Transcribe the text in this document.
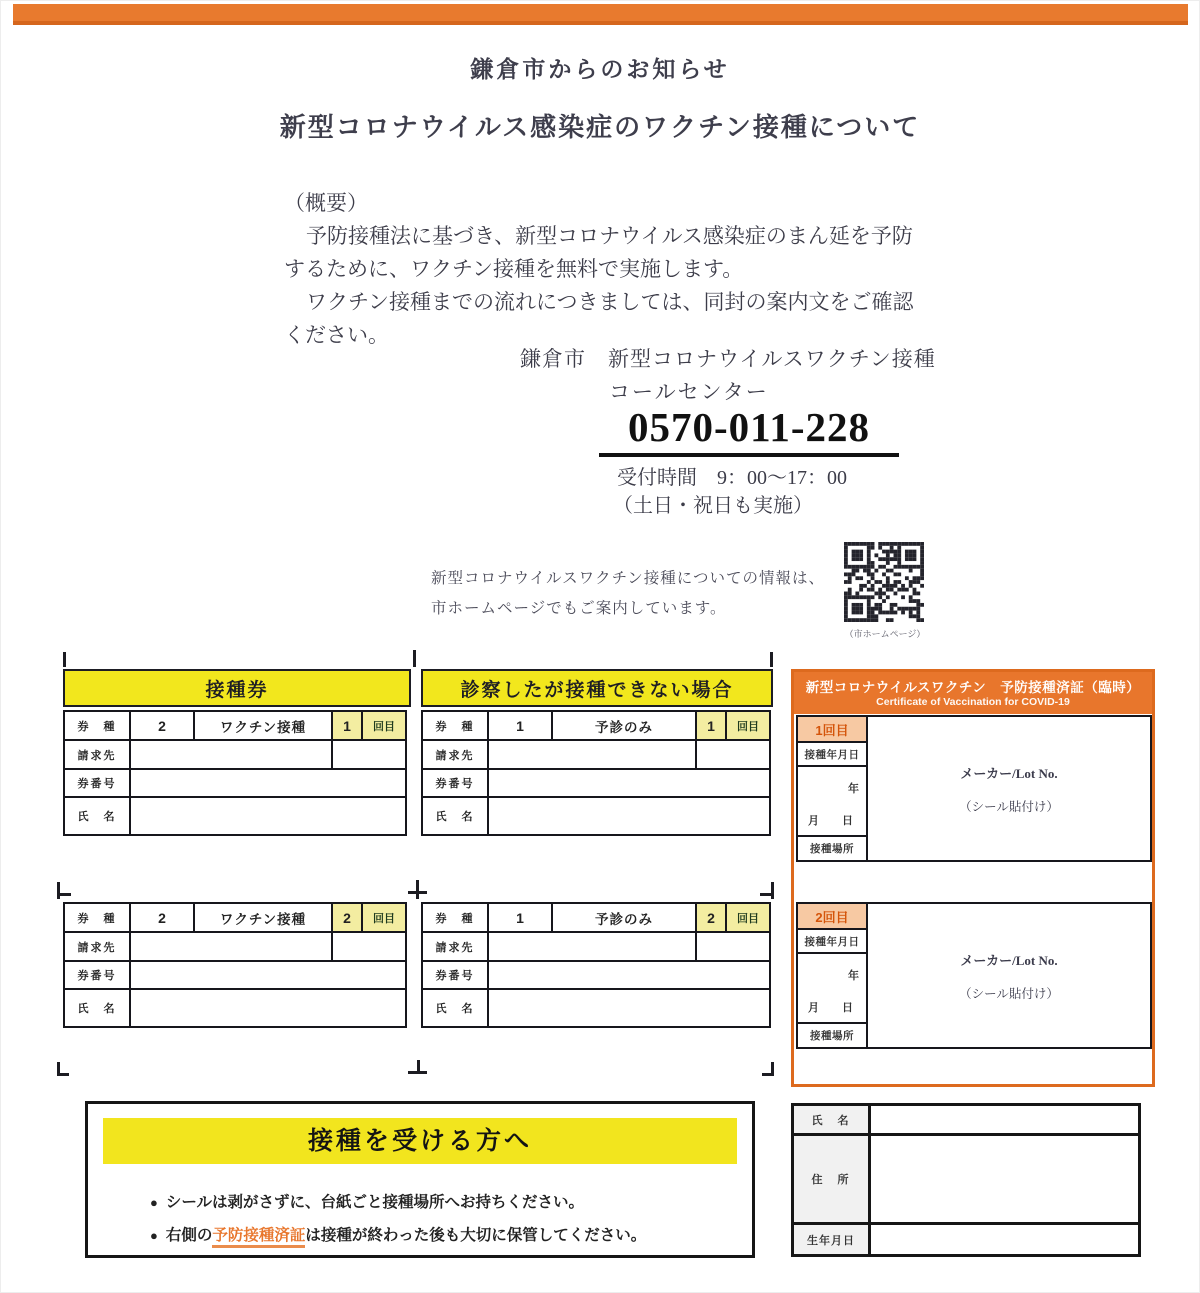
鎌倉市からのお知らせ
新型コロナウイルス感染症のワクチン接種について
（概要）
予防接種法に基づき、新型コロナウイルス感染症のまん延を予防
するために、ワクチン接種を無料で実施します。
ワクチン接種までの流れにつきましては、同封の案内文をご確認
ください。
鎌倉市　新型コロナウイルスワクチン接種
コールセンター
0570-011-228
受付時間　9：00～17：00
（土日・祝日も実施）
新型コロナウイルスワクチン接種についての情報は、
市ホームページでもご案内しています。
（市ホームページ）
接種券	診察したが接種できない場合
券　種	2	ワクチン接種	1	回目
請求先
券番号
氏　名
券　種	1	予診のみ	1	回目
請求先
券番号
氏　名
券　種	2	ワクチン接種	2	回目
請求先
券番号
氏　名
券　種	1	予診のみ	2	回目
請求先
券番号
氏　名
新型コロナウイルスワクチン　予防接種済証（臨時）
Certificate of Vaccination for COVID-19
1回目
接種年月日
年
月　日
接種場所
メーカー/Lot No.
（シール貼付け）
2回目
接種年月日
年
月　日
接種場所
メーカー/Lot No.
（シール貼付け）
接種を受ける方へ
● シールは剥がさずに、台紙ごと接種場所へお持ちください。
● 右側の予防接種済証は接種が終わった後も大切に保管してください。
氏　名
住　所
生年月日
